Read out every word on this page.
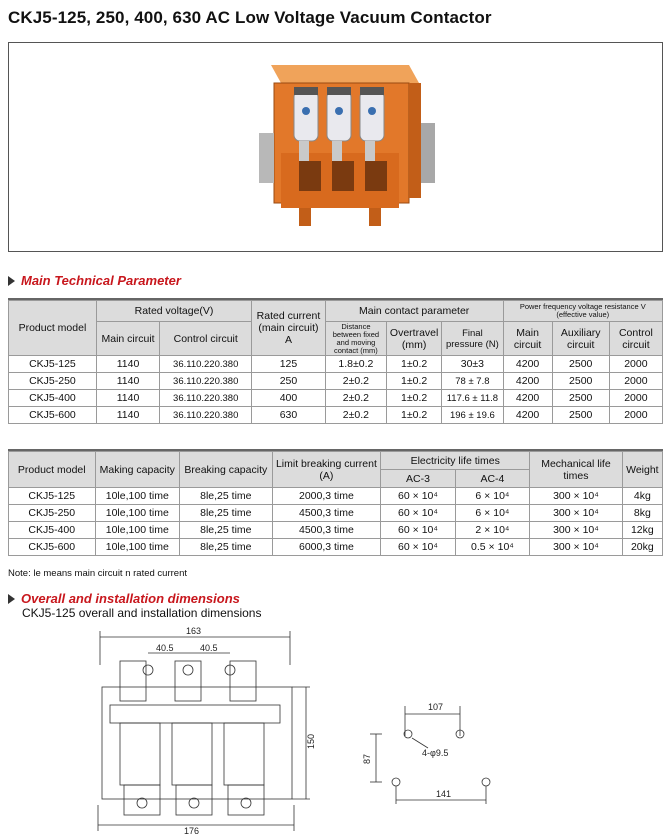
CKJ5-125, 250, 400, 630 AC Low Voltage Vacuum Contactor
Main Technical Parameter
Product model	Rated voltage(V)		Rated current (main circuit) A	Main contact parameter			Power frequency voltage resistance V (effective value)		
	Main circuit	Control circuit		Distance between fixed and moving contact (mm)	Overtravel (mm)	Final pressure (N)	Main circuit	Auxiliary circuit	Control circuit
CKJ5-125	1140	36.110.220.380	125	1.8±0.2	1±0.2	30±3	4200	2500	2000
CKJ5-250	1140	36.110.220.380	250	2±0.2	1±0.2	78 ± 7.8	4200	2500	2000
CKJ5-400	1140	36.110.220.380	400	2±0.2	1±0.2	117.6 ± 11.8	4200	2500	2000
CKJ5-600	1140	36.110.220.380	630	2±0.2	1±0.2	196 ± 19.6	4200	2500	2000
Product model	Making capacity	Breaking capacity	Limit breaking current (A)	Electricity life times		Mechanical life times	Weight
				AC-3	AC-4		
CKJ5-125	10le,100 time	8le,25 time	2000,3 time	60 × 10⁴	6 × 10⁴	300 × 10⁴	4kg
CKJ5-250	10le,100 time	8le,25 time	4500,3 time	60 × 10⁴	6 × 10⁴	300 × 10⁴	8kg
CKJ5-400	10le,100 time	8le,25 time	4500,3 time	60 × 10⁴	2 × 10⁴	300 × 10⁴	12kg
CKJ5-600	10le,100 time	8le,25 time	6000,3 time	60 × 10⁴	0.5 × 10⁴	300 × 10⁴	20kg
Note: le means main circuit n rated current
Overall and installation dimensions
CKJ5-125 overall and installation dimensions
163
40.5	40.5
150
176
107
4-φ9.5
87
141
